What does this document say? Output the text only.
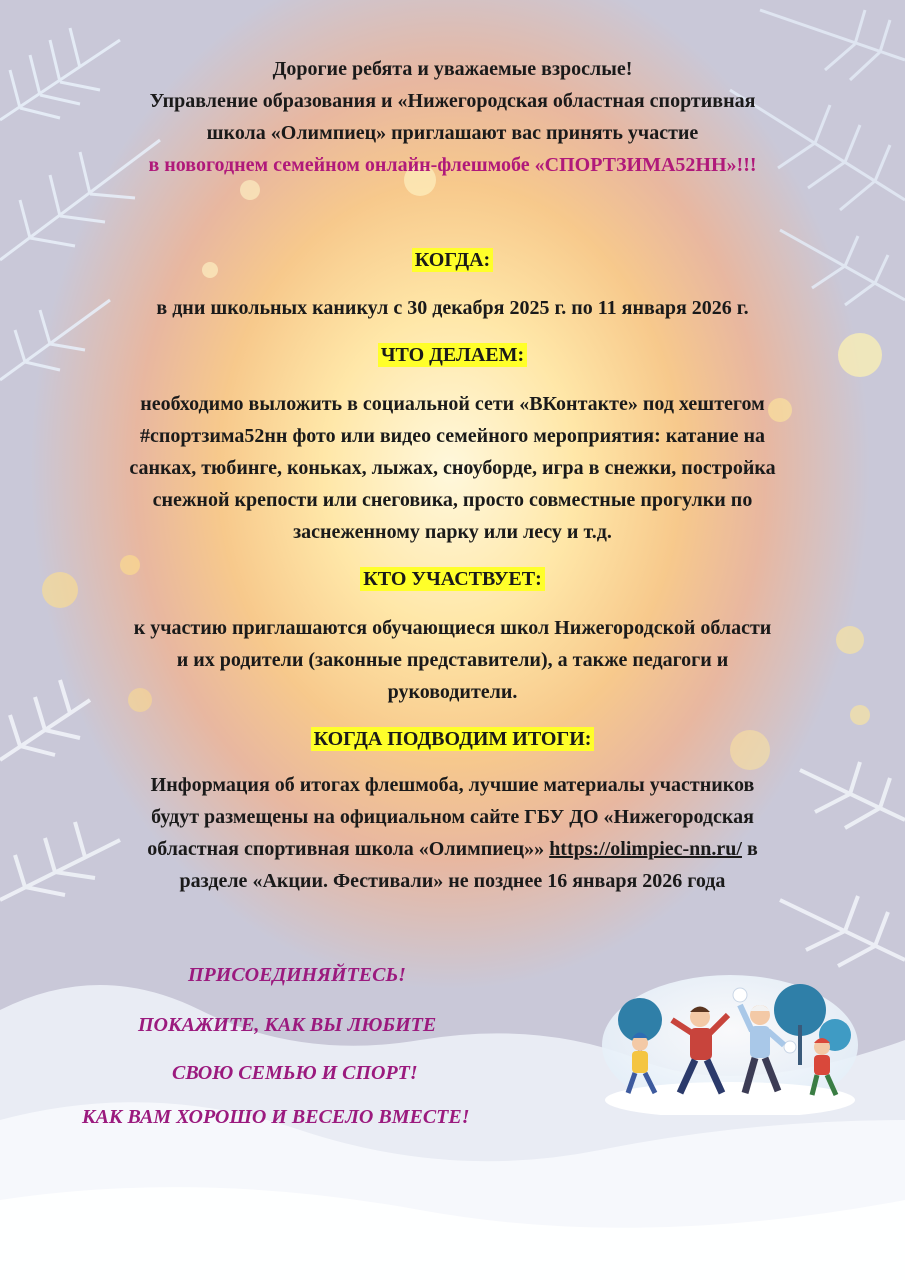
Дорогие ребята и уважаемые взрослые!
Управление образования и «Нижегородская областная спортивная
школа «Олимпиец» приглашают вас принять участие
в новогоднем семейном онлайн-флешмобе «СПОРТЗИМА52НН»!!!
КОГДА:
в дни школьных каникул с 30 декабря 2025 г. по 11 января 2026 г.
ЧТО ДЕЛАЕМ:
необходимо выложить в социальной сети «ВКонтакте» под хештегом
#спортзима52нн фото или видео семейного мероприятия: катание на
санках, тюбинге, коньках, лыжах, сноуборде, игра в снежки, постройка
снежной крепости или снеговика, просто совместные прогулки по
заснеженному парку или лесу и т.д.
КТО УЧАСТВУЕТ:
к участию приглашаются обучающиеся школ Нижегородской области
и их родители (законные представители), а также педагоги и
руководители.
КОГДА ПОДВОДИМ ИТОГИ:
Информация об итогах флешмоба, лучшие материалы участников
будут размещены на официальном сайте ГБУ ДО «Нижегородская
областная спортивная школа «Олимпиец»» https://olimpiec-nn.ru/ в
разделе «Акции. Фестивали» не позднее 16 января 2026 года
ПРИСОЕДИНЯЙТЕСЬ!
ПОКАЖИТЕ, КАК ВЫ ЛЮБИТЕ
СВОЮ СЕМЬЮ И СПОРТ!
КАК ВАМ ХОРОШО И ВЕСЕЛО ВМЕСТЕ!
